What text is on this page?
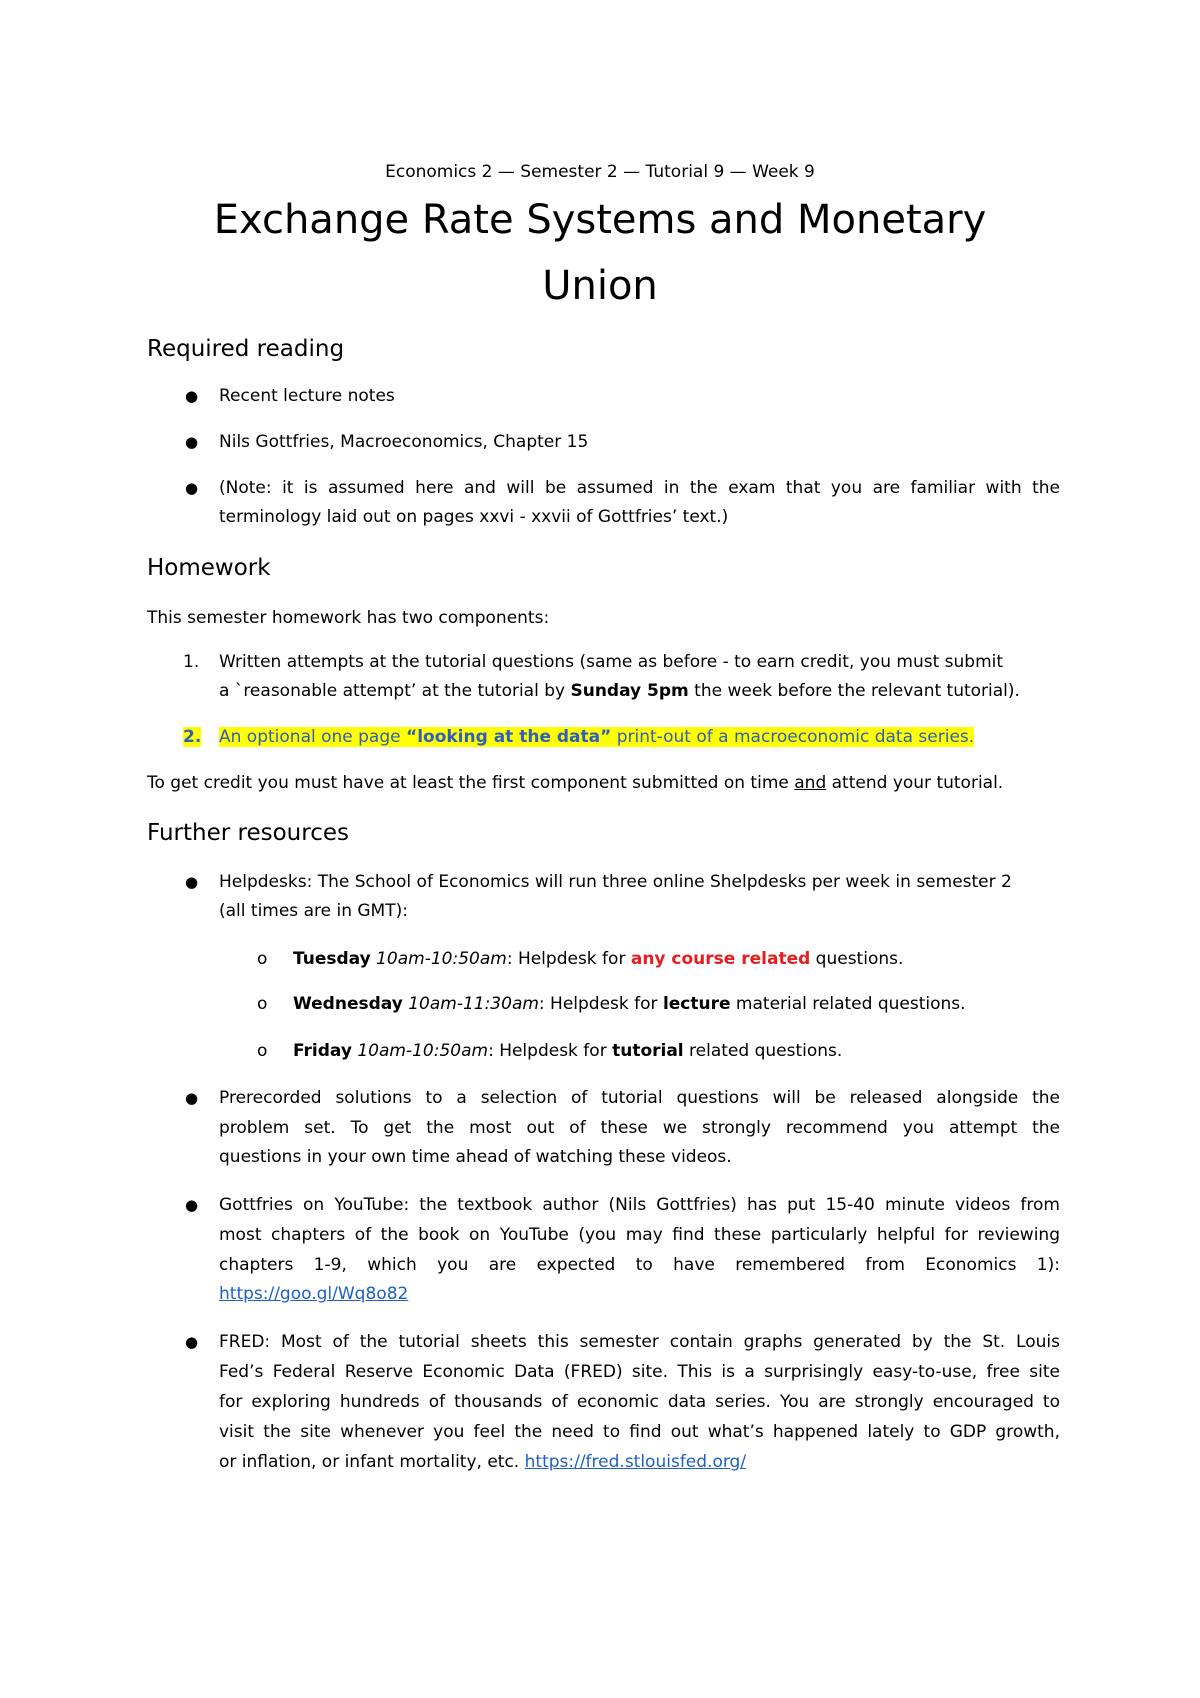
Economics 2 — Semester 2 — Tutorial 9 — Week 9
Exchange Rate Systems and Monetary
Union
Required reading
● Recent lecture notes
● Nils Gottfries, Macroeconomics, Chapter 15
● (Note: it is assumed here and will be assumed in the exam that you are familiar with the
terminology laid out on pages xxvi - xxvii of Gottfries’ text.)
Homework
This semester homework has two components:
1. Written attempts at the tutorial questions (same as before - to earn credit, you must submit
a `reasonable attempt’ at the tutorial by Sunday 5pm the week before the relevant tutorial).
2. An optional one page “looking at the data” print-out of a macroeconomic data series.
To get credit you must have at least the first component submitted on time and attend your tutorial.
Further resources
● Helpdesks: The School of Economics will run three online Shelpdesks per week in semester 2
(all times are in GMT):
o Tuesday 10am-10:50am: Helpdesk for any course related questions.
o Wednesday 10am-11:30am: Helpdesk for lecture material related questions.
o Friday 10am-10:50am: Helpdesk for tutorial related questions.
● Prerecorded solutions to a selection of tutorial questions will be released alongside the
problem set. To get the most out of these we strongly recommend you attempt the
questions in your own time ahead of watching these videos.
● Gottfries on YouTube: the textbook author (Nils Gottfries) has put 15-40 minute videos from
most chapters of the book on YouTube (you may find these particularly helpful for reviewing
chapters 1-9, which you are expected to have remembered from Economics 1):
https://goo.gl/Wq8o82
● FRED: Most of the tutorial sheets this semester contain graphs generated by the St. Louis
Fed’s Federal Reserve Economic Data (FRED) site. This is a surprisingly easy-to-use, free site
for exploring hundreds of thousands of economic data series. You are strongly encouraged to
visit the site whenever you feel the need to find out what’s happened lately to GDP growth,
or inflation, or infant mortality, etc. https://fred.stlouisfed.org/
